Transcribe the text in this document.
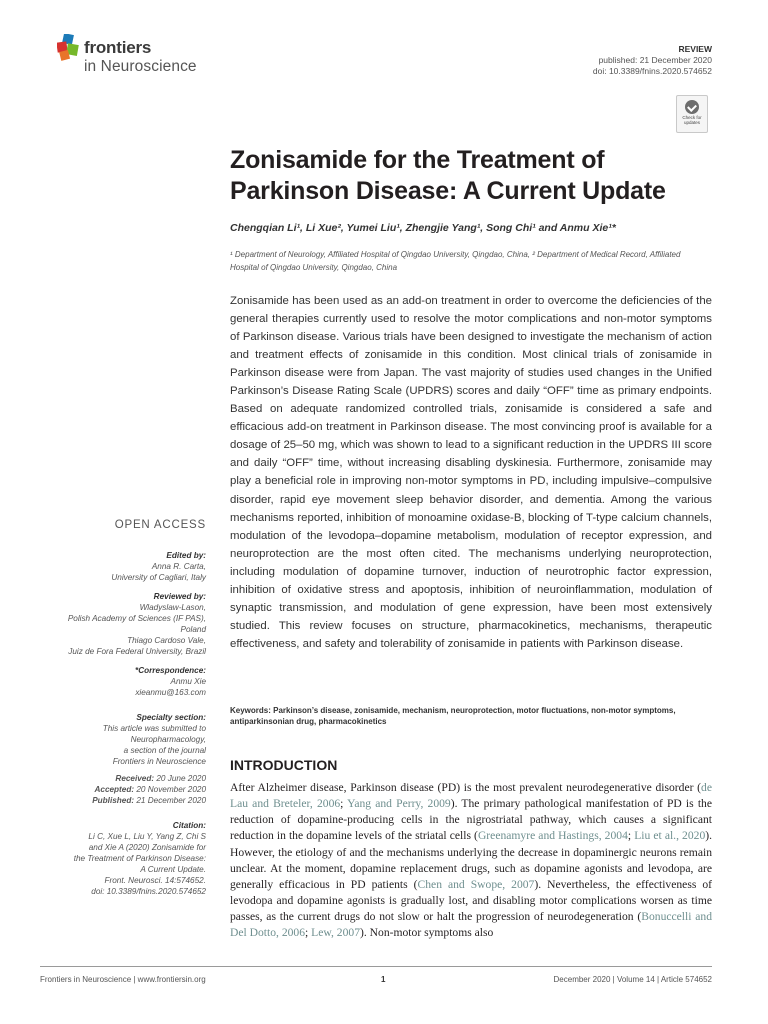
frontiers
in Neuroscience
REVIEW
published: 21 December 2020
doi: 10.3389/fnins.2020.574652
Check for
updates
Zonisamide for the Treatment of Parkinson Disease: A Current Update
Chengqian Li¹, Li Xue², Yumei Liu¹, Zhengjie Yang¹, Song Chi¹ and Anmu Xie¹*
¹ Department of Neurology, Affiliated Hospital of Qingdao University, Qingdao, China, ² Department of Medical Record, Affiliated Hospital of Qingdao University, Qingdao, China
Zonisamide has been used as an add-on treatment in order to overcome the deficiencies of the general therapies currently used to resolve the motor complications and non-motor symptoms of Parkinson disease. Various trials have been designed to investigate the mechanism of action and treatment effects of zonisamide in this condition. Most clinical trials of zonisamide in Parkinson disease were from Japan. The vast majority of studies used changes in the Unified Parkinson’s Disease Rating Scale (UPDRS) scores and daily “OFF” time as primary endpoints. Based on adequate randomized controlled trials, zonisamide is considered a safe and efficacious add-on treatment in Parkinson disease. The most convincing proof is available for a dosage of 25–50 mg, which was shown to lead to a significant reduction in the UPDRS III score and daily “OFF” time, without increasing disabling dyskinesia. Furthermore, zonisamide may play a beneficial role in improving non-motor symptoms in PD, including impulsive–compulsive disorder, rapid eye movement sleep behavior disorder, and dementia. Among the various mechanisms reported, inhibition of monoamine oxidase-B, blocking of T-type calcium channels, modulation of the levodopa–dopamine metabolism, modulation of receptor expression, and neuroprotection are the most often cited. The mechanisms underlying neuroprotection, including modulation of dopamine turnover, induction of neurotrophic factor expression, inhibition of oxidative stress and apoptosis, inhibition of neuroinflammation, modulation of synaptic transmission, and modulation of gene expression, have been most extensively studied. This review focuses on structure, pharmacokinetics, mechanisms, therapeutic effectiveness, and safety and tolerability of zonisamide in patients with Parkinson disease.
Keywords: Parkinson’s disease, zonisamide, mechanism, neuroprotection, motor fluctuations, non-motor symptoms, antiparkinsonian drug, pharmacokinetics
INTRODUCTION
After Alzheimer disease, Parkinson disease (PD) is the most prevalent neurodegenerative disorder (de Lau and Breteler, 2006; Yang and Perry, 2009). The primary pathological manifestation of PD is the reduction of dopamine-producing cells in the nigrostriatal pathway, which causes a significant reduction in the dopamine levels of the striatal cells (Greenamyre and Hastings, 2004; Liu et al., 2020). However, the etiology of and the mechanisms underlying the decrease in dopaminergic neurons remain unclear. At the moment, dopamine replacement drugs, such as dopamine agonists and levodopa, are generally efficacious in PD patients (Chen and Swope, 2007). Nevertheless, the effectiveness of levodopa and dopamine agonists is gradually lost, and disabling motor complications worsen as time passes, as the current drugs do not slow or halt the progression of neurodegeneration (Bonuccelli and Del Dotto, 2006; Lew, 2007). Non-motor symptoms also
OPEN ACCESS
Edited by:
Anna R. Carta,
University of Cagliari, Italy
Reviewed by:
Wladyslaw-Lason,
Polish Academy of Sciences (IF PAS),
Poland
Thiago Cardoso Vale,
Juiz de Fora Federal University, Brazil
*Correspondence:
Anmu Xie
xieanmu@163.com
Specialty section:
This article was submitted to
Neuropharmacology,
a section of the journal
Frontiers in Neuroscience
Received: 20 June 2020
Accepted: 20 November 2020
Published: 21 December 2020
Citation:
Li C, Xue L, Liu Y, Yang Z, Chi S
and Xie A (2020) Zonisamide for
the Treatment of Parkinson Disease:
A Current Update.
Front. Neurosci. 14:574652.
doi: 10.3389/fnins.2020.574652
Frontiers in Neuroscience | www.frontiersin.org	1	December 2020 | Volume 14 | Article 574652
